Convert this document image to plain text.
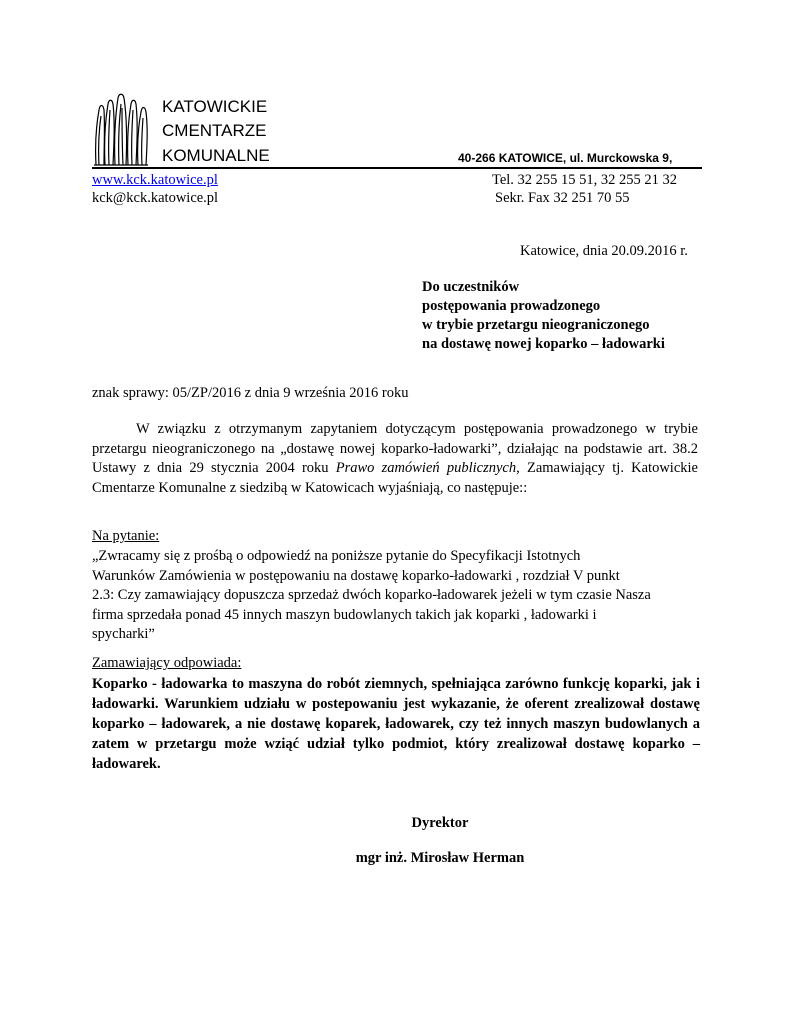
KATOWICKIE
CMENTARZE
KOMUNALNE	40-266 KATOWICE, ul. Murckowska 9,
www.kck.katowice.pl
kck@kck.katowice.pl
Tel. 32 255 15 51, 32 255 21 32
Sekr. Fax 32 251 70 55
Katowice, dnia 20.09.2016 r.
Do uczestników
postępowania prowadzonego
w trybie przetargu nieograniczonego
na dostawę nowej koparko – ładowarki
znak sprawy: 05/ZP/2016 z dnia 9 września 2016 roku
W związku z otrzymanym zapytaniem dotyczącym postępowania prowadzonego w trybie przetargu nieograniczonego na „dostawę nowej koparko-ładowarki”, działając na podstawie art. 38.2 Ustawy z dnia 29 stycznia 2004 roku Prawo zamówień publicznych, Zamawiający tj. Katowickie Cmentarze Komunalne z siedzibą w Katowicach wyjaśniają, co następuje::
Na pytanie:
„Zwracamy się z prośbą o odpowiedź na poniższe pytanie do Specyfikacji Istotnych
Warunków Zamówienia w postępowaniu na dostawę koparko-ładowarki , rozdział V punkt
2.3: Czy zamawiający dopuszcza sprzedaż dwóch koparko-ładowarek jeżeli w tym czasie Nasza
firma sprzedała ponad 45 innych maszyn budowlanych takich jak koparki , ładowarki i
spycharki”
Zamawiający odpowiada:
Koparko - ładowarka to maszyna do robót ziemnych, spełniająca zarówno funkcję koparki, jak i ładowarki. Warunkiem udziału w postepowaniu jest wykazanie, że oferent zrealizował dostawę koparko – ładowarek, a nie dostawę koparek, ładowarek, czy też innych maszyn budowlanych a zatem w przetargu może wziąć udział tylko podmiot, który zrealizował dostawę koparko – ładowarek.
Dyrektor
mgr inż. Mirosław Herman
